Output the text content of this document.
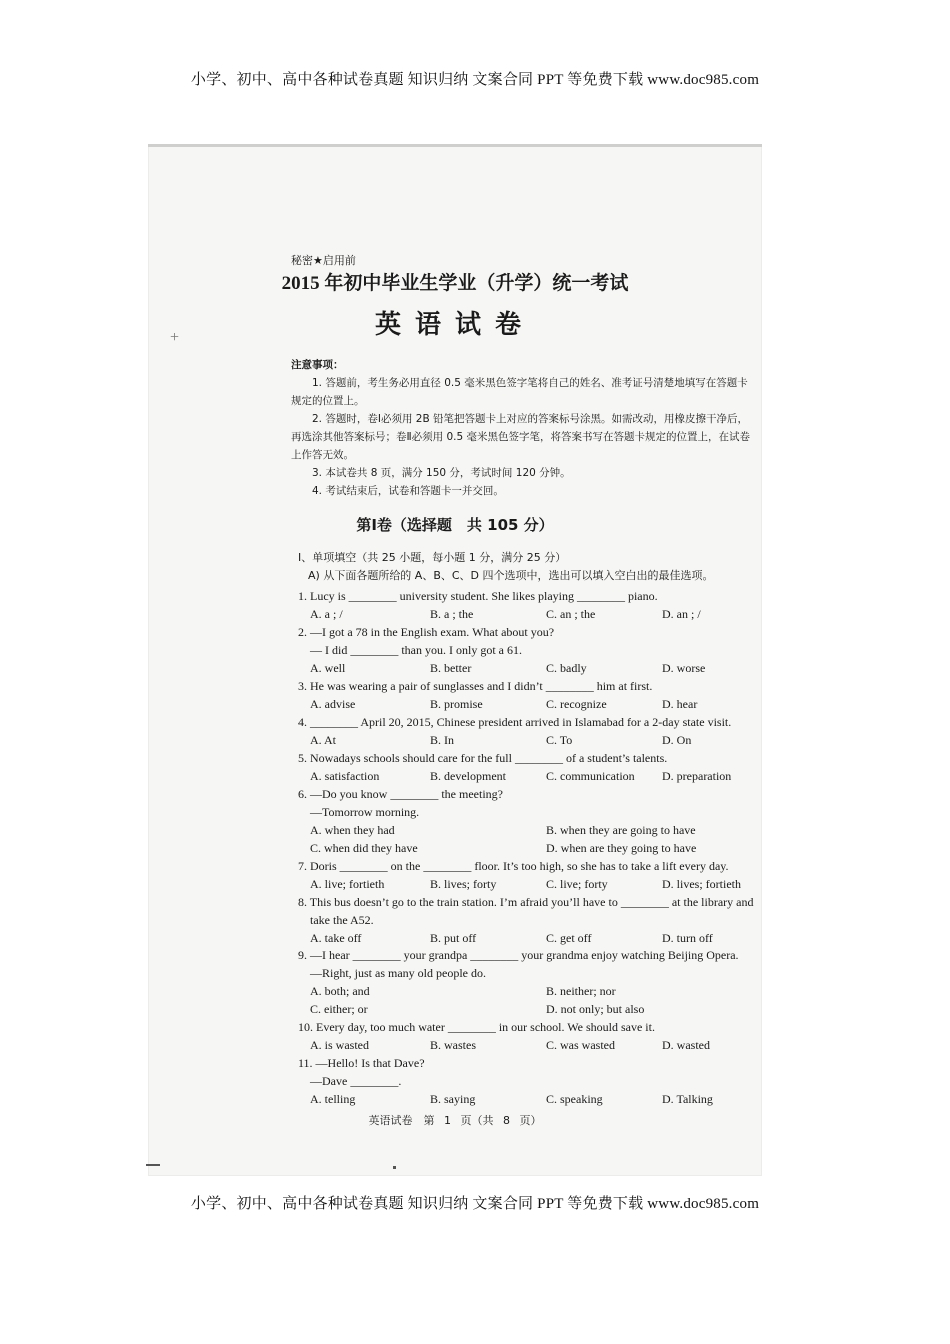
小学、初中、高中各种试卷真题 知识归纳 文案合同 PPT 等免费下载 www.doc985.com
+
秘密★启用前
2015 年初中毕业生学业（升学）统一考试
英语试卷
注意事项：

1. 答题前，考生务必用直径 0.5 毫米黑色签字笔将自己的姓名、准考证号清楚地填写在答题卡规定的位置上。

2. 答题时，卷Ⅰ必须用 2B 铅笔把答题卡上对应的答案标号涂黑。如需改动，用橡皮擦干净后，再选涂其他答案标号；卷Ⅱ必须用 0.5 毫米黑色签字笔，将答案书写在答题卡规定的位置上，在试卷上作答无效。

3. 本试卷共 8 页，满分 150 分，考试时间 120 分钟。

4. 考试结束后，试卷和答题卡一并交回。

第Ⅰ卷（选择题　共 105 分）
Ⅰ、单项填空（共 25 小题，每小题 1 分，满分 25 分）
A) 从下面各题所给的 A、B、C、D 四个选项中，选出可以填入空白出的最佳选项。
1. Lucy is ________ university student. She likes playing ________ piano.
A. a ; /	B. a ; the	C. an ; the	D. an ; /
2. —I got a 78 in the English exam. What about you?
— I did ________ than you. I only got a 61.
A. well	B. better	C. badly	D. worse
3. He was wearing a pair of sunglasses and I didn’t ________ him at first.
A. advise	B. promise	C. recognize	D. hear
4. ________ April 20, 2015, Chinese president arrived in Islamabad for a 2-day state visit.
A. At	B. In	C. To	D. On
5. Nowadays schools should care for the full ________ of a student’s talents.
A. satisfaction	B. development	C. communication D. preparation
6. —Do you know ________ the meeting?
—Tomorrow morning.
A. when they had	B. when they are going to have
C. when did they have	D. when are they going to have
7. Doris ________ on the ________ floor. It’s too high, so she has to take a lift every day.
A. live; fortieth	B. lives; forty	C. live; forty	D. lives; fortieth
8. This bus doesn’t go to the train station. I’m afraid you’ll have to ________ at the library and
take the A52.
A. take off	B. put off	C. get off	D. turn off
9. —I hear ________ your grandpa ________ your grandma enjoy watching Beijing Opera.
—Right, just as many old people do.
A. both; and	B. neither; nor
C. either; or	D. not only; but also
10. Every day, too much water ________ in our school. We should save it.
A. is wasted	B. wastes	C. was wasted	D. wasted
11. —Hello! Is that Dave?
—Dave ________.
A. telling	B. saying	C. speaking	D. Talking
英语试卷　第 1 页（共 8 页）
小学、初中、高中各种试卷真题 知识归纳 文案合同 PPT 等免费下载 www.doc985.com
